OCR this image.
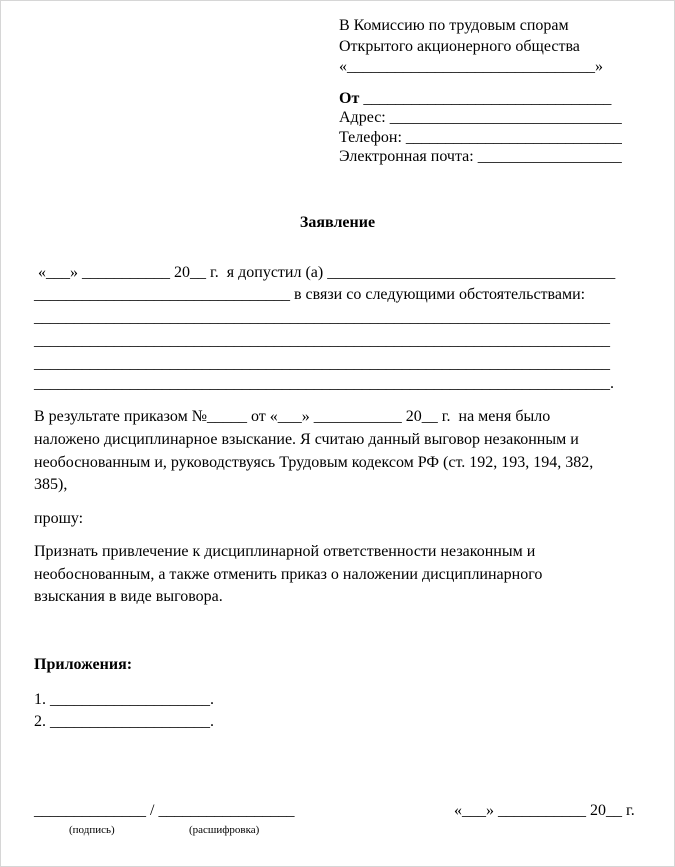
В Комиссию по трудовым спорам
Открытого акционерного общества
«_______________________________»
От _______________________________
Адрес: _____________________________
Телефон: ___________________________
Электронная почта: __________________
Заявление
«___» ___________ 20__ г.  я допустил (а) ____________________________________
________________________________ в связи со следующими обстоятельствами:
________________________________________________________________________
________________________________________________________________________
________________________________________________________________________
________________________________________________________________________.
В результате приказом №_____ от «___» ___________ 20__ г.  на меня было
наложено дисциплинарное взыскание. Я считаю данный выговор незаконным и
необоснованным и, руководствуясь Трудовым кодексом РФ (ст. 192, 193, 194, 382,
385),
прошу:
Признать привлечение к дисциплинарной ответственности незаконным и
необоснованным, а также отменить приказ о наложении дисциплинарного
взыскания в виде выговора.
Приложения:
1. ____________________.
2. ____________________.
______________ / _________________
(подпись)	(расшифровка)
«___» ___________ 20__ г.
